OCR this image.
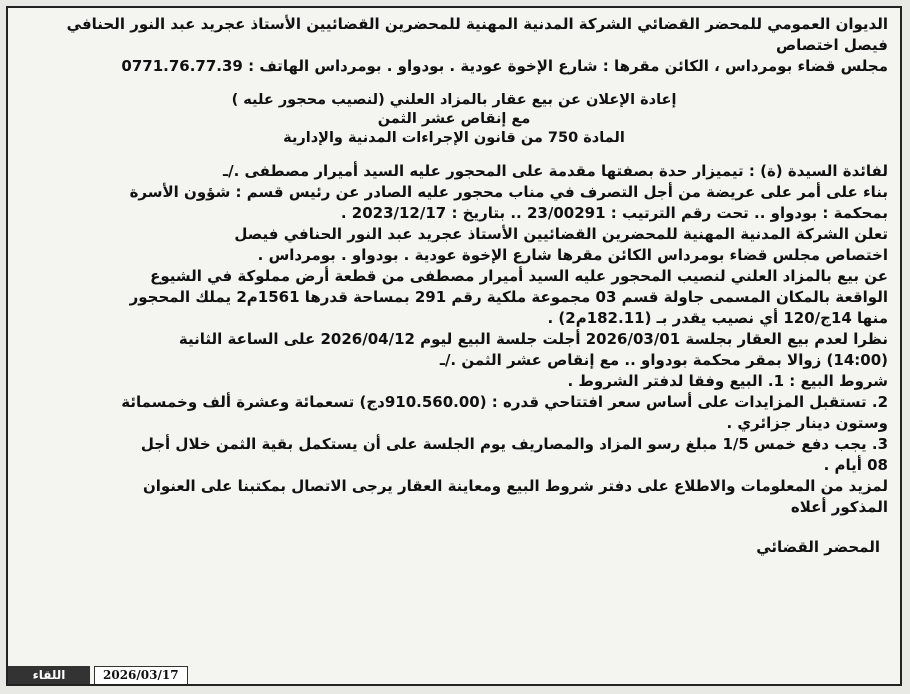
الديوان العمومي للمحضر القضائي الشركة المدنية المهنية للمحضرين القضائيين الأستاذ عجريد عبد النور الحنافي
فيصل اختصاص
مجلس قضاء بومرداس ، الكائن مقرها : شارع الإخوة عودية . بودواو . بومرداس الهاتف : 0771.76.77.39
إعادة الإعلان عن بيع عقار بالمزاد العلني (لنصيب محجور عليه )
مع إنقاص عشر الثمن
المادة 750 من قانون الإجراءات المدنية والإدارية
لفائدة السيدة (ة) : تيميزار حدة بصفتها مقدمة على المحجور عليه السيد أميرار مصطفى ./ـ
بناء على أمر على عريضة من أجل التصرف في مناب محجور عليه الصادر عن رئيس قسم : شؤون الأسرة
بمحكمة : بودواو .. تحت رقم الترتيب : 23/00291 .. بتاريخ : 2023/12/17 .
تعلن الشركة المدنية المهنية للمحضرين القضائيين الأستاذ عجريد عبد النور الحنافي فيصل
اختصاص مجلس قضاء بومرداس الكائن مقرها شارع الإخوة عودية . بودواو . بومرداس .
عن بيع بالمزاد العلني لنصيب المحجور عليه السيد أميرار مصطفى من قطعة أرض مملوكة في الشيوع
الواقعة بالمكان المسمى جاولة قسم 03 مجموعة ملكية رقم 291 بمساحة قدرها 1561م2 يملك المحجور
منها 14ج/120 أي نصيب يقدر بـ (182.11م2) .
نظرا لعدم بيع العقار بجلسة 2026/03/01 أجلت جلسة البيع ليوم 2026/04/12 على الساعة الثانية
(14:00) زوالا بمقر محكمة بودواو .. مع إنقاص عشر الثمن ./ـ
شروط البيع : 1. البيع وفقا لدفتر الشروط .
2. تستقبل المزايدات على أساس سعر افتتاحي قدره : (910.560.00دج) تسعمائة وعشرة ألف وخمسمائة
وستون دينار جزائري .
3. يجب دفع خمس 1/5 مبلغ رسو المزاد والمصاريف يوم الجلسة على أن يستكمل بقية الثمن خلال أجل
08 أيام .
لمزيد من المعلومات والاطلاع على دفتر شروط البيع ومعاينة العقار يرجى الاتصال بمكتبنا على العنوان
المذكور أعلاه
المحضر القضائي
اللقاء	2026/03/17
